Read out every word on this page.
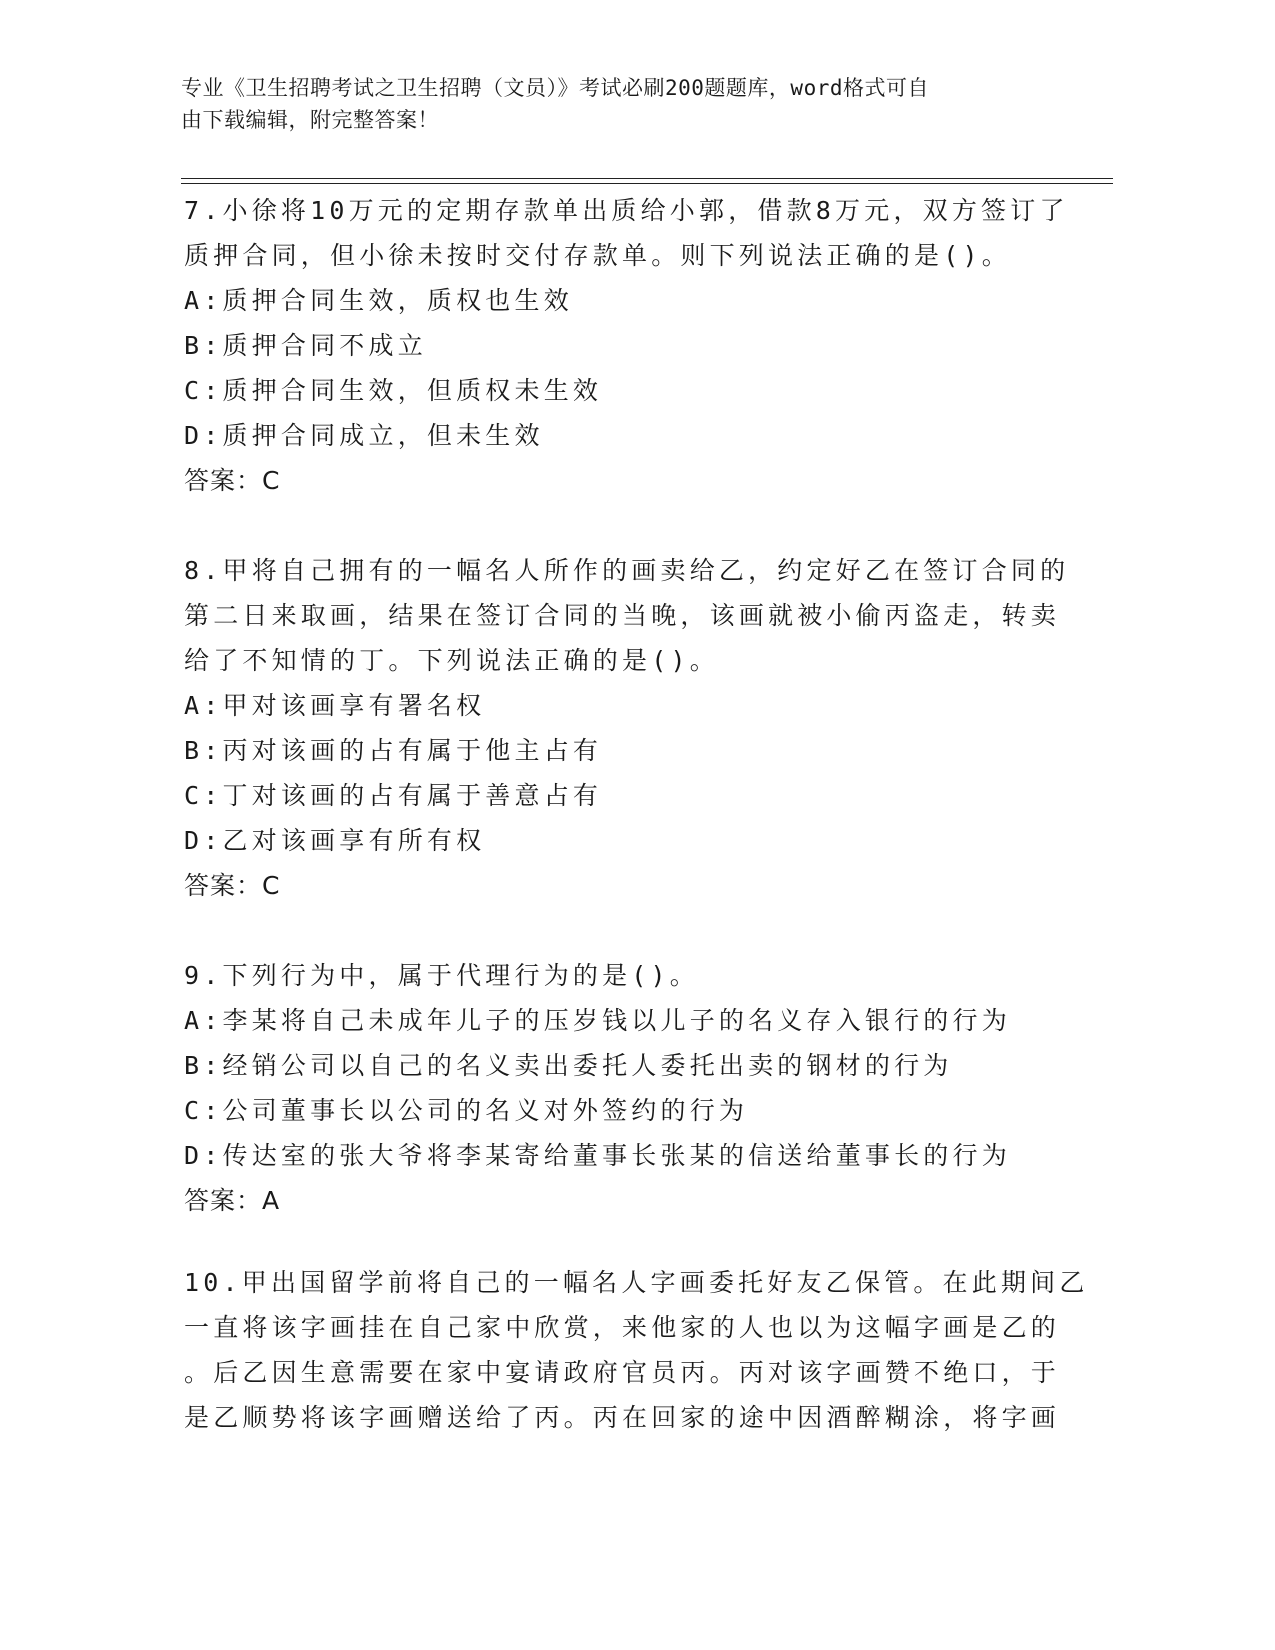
专业《卫生招聘考试之卫生招聘（文员）》考试必刷200题题库，word格式可自
由下载编辑，附完整答案！
7.小徐将10万元的定期存款单出质给小郭，借款8万元，双方签订了
质押合同，但小徐未按时交付存款单。则下列说法正确的是()。
A:质押合同生效，质权也生效
B:质押合同不成立
C:质押合同生效，但质权未生效
D:质押合同成立，但未生效
答案：C
8.甲将自己拥有的一幅名人所作的画卖给乙，约定好乙在签订合同的
第二日来取画，结果在签订合同的当晚，该画就被小偷丙盗走，转卖
给了不知情的丁。下列说法正确的是()。
A:甲对该画享有署名权
B:丙对该画的占有属于他主占有
C:丁对该画的占有属于善意占有
D:乙对该画享有所有权
答案：C
9.下列行为中，属于代理行为的是()。
A:李某将自己未成年儿子的压岁钱以儿子的名义存入银行的行为
B:经销公司以自己的名义卖出委托人委托出卖的钢材的行为
C:公司董事长以公司的名义对外签约的行为
D:传达室的张大爷将李某寄给董事长张某的信送给董事长的行为
答案：A
10.甲出国留学前将自己的一幅名人字画委托好友乙保管。在此期间乙
一直将该字画挂在自己家中欣赏，来他家的人也以为这幅字画是乙的
。后乙因生意需要在家中宴请政府官员丙。丙对该字画赞不绝口，于
是乙顺势将该字画赠送给了丙。丙在回家的途中因酒醉糊涂，将字画
